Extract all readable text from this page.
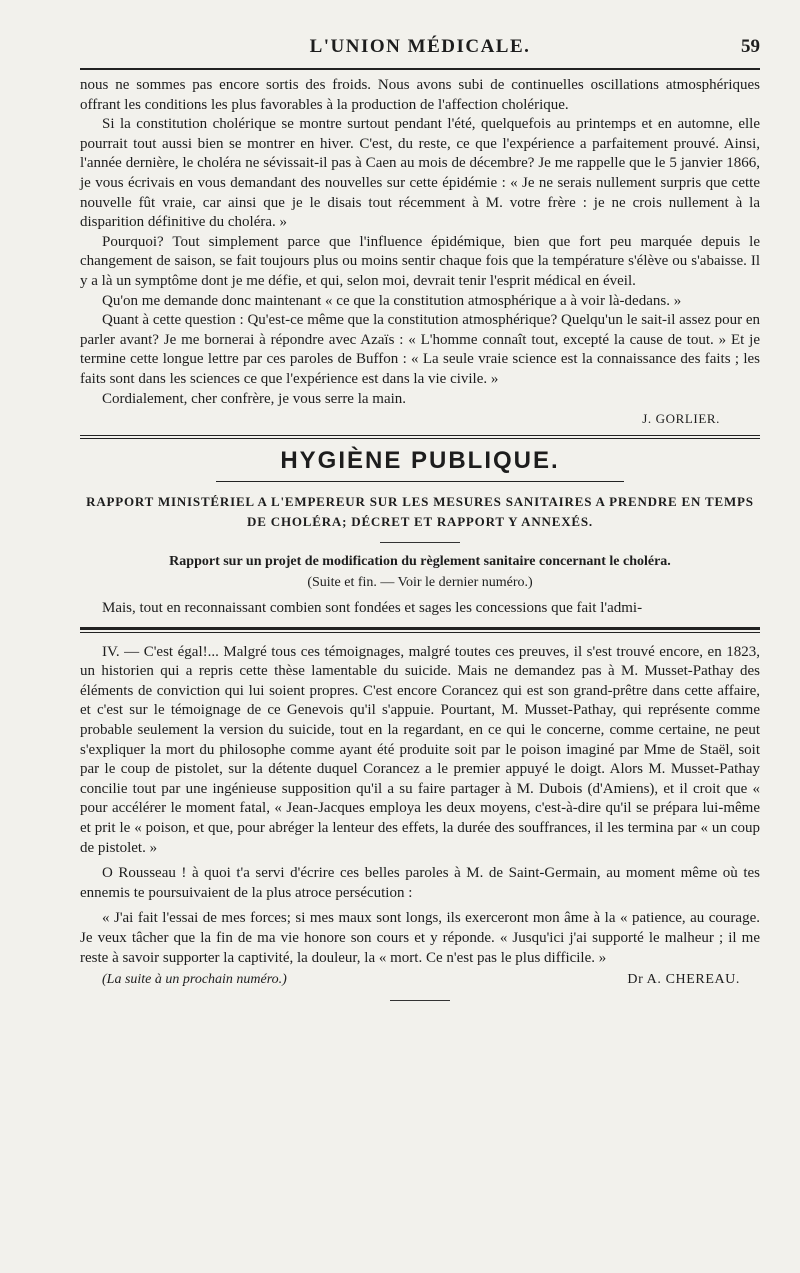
L'UNION MÉDICALE.	59

nous ne sommes pas encore sortis des froids. Nous avons subi de continuelles oscillations atmosphériques offrant les conditions les plus favorables à la production de l'affection cholérique.

Si la constitution cholérique se montre surtout pendant l'été, quelquefois au printemps et en automne, elle pourrait tout aussi bien se montrer en hiver. C'est, du reste, ce que l'expérience a parfaitement prouvé. Ainsi, l'année dernière, le choléra ne sévissait-il pas à Caen au mois de décembre? Je me rappelle que le 5 janvier 1866, je vous écrivais en vous demandant des nouvelles sur cette épidémie : « Je ne serais nullement surpris que cette nouvelle fût vraie, car ainsi que je le disais tout récemment à M. votre frère : je ne crois nullement à la disparition définitive du choléra. »

Pourquoi? Tout simplement parce que l'influence épidémique, bien que fort peu marquée depuis le changement de saison, se fait toujours plus ou moins sentir chaque fois que la température s'élève ou s'abaisse. Il y a là un symptôme dont je me défie, et qui, selon moi, devrait tenir l'esprit médical en éveil.

Qu'on me demande donc maintenant « ce que la constitution atmosphérique a à voir là-dedans. »

Quant à cette question : Qu'est-ce même que la constitution atmosphérique? Quelqu'un le sait-il assez pour en parler avant? Je me bornerai à répondre avec Azaïs : « L'homme connaît tout, excepté la cause de tout. » Et je termine cette longue lettre par ces paroles de Buffon : « La seule vraie science est la connaissance des faits ; les faits sont dans les sciences ce que l'expérience est dans la vie civile. »

Cordialement, cher confrère, je vous serre la main.

J. GORLIER.
HYGIÈNE PUBLIQUE.
RAPPORT MINISTÉRIEL A L'EMPEREUR SUR LES MESURES SANITAIRES A PRENDRE EN TEMPS DE CHOLÉRA; DÉCRET ET RAPPORT Y ANNEXÉS.
Rapport sur un projet de modification du règlement sanitaire concernant le choléra.
(Suite et fin. — Voir le dernier numéro.)

Mais, tout en reconnaissant combien sont fondées et sages les concessions que fait l'admi-

IV. — C'est égal!... Malgré tous ces témoignages, malgré toutes ces preuves, il s'est trouvé encore, en 1823, un historien qui a repris cette thèse lamentable du suicide. Mais ne demandez pas à M. Musset-Pathay des éléments de conviction qui lui soient propres. C'est encore Corancez qui est son grand-prêtre dans cette affaire, et c'est sur le témoignage de ce Genevois qu'il s'appuie. Pourtant, M. Musset-Pathay, qui représente comme probable seulement la version du suicide, tout en la regardant, en ce qui le concerne, comme certaine, ne peut s'expliquer la mort du philosophe comme ayant été produite soit par le poison imaginé par Mme de Staël, soit par le coup de pistolet, sur la détente duquel Corancez a le premier appuyé le doigt. Alors M. Musset-Pathay concilie tout par une ingénieuse supposition qu'il a su faire partager à M. Dubois (d'Amiens), et il croit que « pour accélérer le moment fatal, « Jean-Jacques employa les deux moyens, c'est-à-dire qu'il se prépara lui-même et prit le « poison, et que, pour abréger la lenteur des effets, la durée des souffrances, il les termina par « un coup de pistolet. »

O Rousseau ! à quoi t'a servi d'écrire ces belles paroles à M. de Saint-Germain, au moment même où tes ennemis te poursuivaient de la plus atroce persécution :

« J'ai fait l'essai de mes forces; si mes maux sont longs, ils exerceront mon âme à la « patience, au courage. Je veux tâcher que la fin de ma vie honore son cours et y réponde. « Jusqu'ici j'ai supporté le malheur ; il me reste à savoir supporter la captivité, la douleur, la « mort. Ce n'est pas le plus difficile. »

(La suite à un prochain numéro.)	Dr A. CHEREAU.
